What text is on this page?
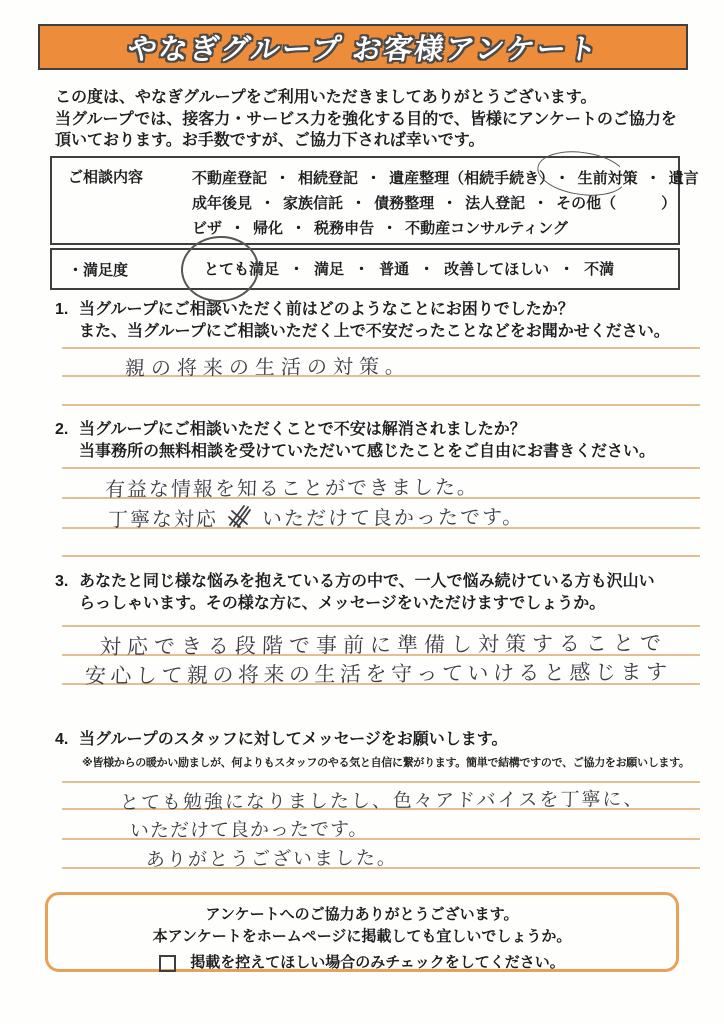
やなぎグループ お客様アンケート
この度は、やなぎグループをご利用いただきましてありがとうございます。
当グループでは、接客力・サービス力を強化する目的で、皆様にアンケートのご協力を
頂いております。お手数ですが、ご協力下されば幸いです。
ご相談内容	不動産登記 ・ 相続登記 ・ 遺産整理（相続手続き） ・ 生前対策 ・ 遺言
成年後見 ・ 家族信託 ・ 債務整理 ・ 法人登記 ・ その他（　　　）
ビザ ・ 帰化 ・ 税務申告 ・ 不動産コンサルティング
・満足度	とても満足 ・ 満足 ・ 普通 ・ 改善してほしい ・ 不満
1. 当グループにご相談いただく前はどのようなことにお困りでしたか？
また、当グループにご相談いただく上で不安だったことなどをお聞かせください。
親の将来の生活の対策。
2. 当グループにご相談いただくことで不安は解消されましたか？
当事務所の無料相談を受けていただいて感じたことをご自由にお書きください。
有益な情報を知ることができました。
丁寧な対応　　いただけて良かったです。
3. あなたと同じ様な悩みを抱えている方の中で、一人で悩み続けている方も沢山い
らっしゃいます。その様な方に、メッセージをいただけますでしょうか。
対応できる段階で事前に準備し対策することで
安心して親の将来の生活を守っていけると感じます
4. 当グループのスタッフに対してメッセージをお願いします。
※皆様からの暖かい励ましが、何よりもスタッフのやる気と自信に繋がります。簡単で結構ですので、ご協力をお願いします。
とても勉強になりましたし、色々アドバイスを丁寧に、
いただけて良かったです。
ありがとうございました。
アンケートへのご協力ありがとうございます。
本アンケートをホームページに掲載しても宜しいでしょうか。
掲載を控えてほしい場合のみチェックをしてください。
